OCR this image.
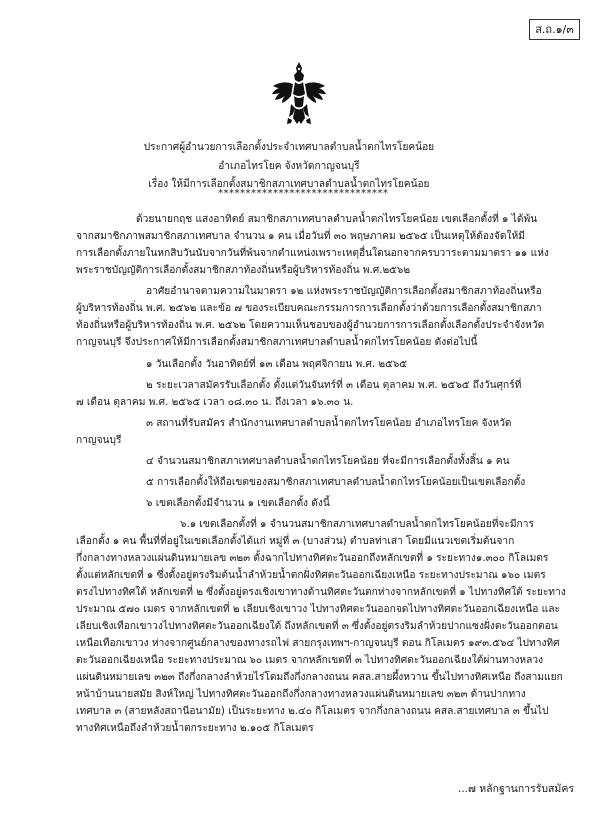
ส.ถ.๑/๓
ประกาศผู้อำนวยการเลือกตั้งประจำเทศบาลตำบลน้ำตกไทรโยคน้อย
อำเภอไทรโยค จังหวัดกาญจนบุรี
เรื่อง ให้มีการเลือกตั้งสมาชิกสภาเทศบาลตำบลน้ำตกไทรโยคน้อย
*******************************
ด้วยนายกฤช แสงอาทิตย์ สมาชิกสภาเทศบาลตำบลน้ำตกไทรโยคน้อย เขตเลือกตั้งที่ ๑ ได้พ้น
จากสมาชิกภาพสมาชิกสภาเทศบาล จำนวน ๑ คน เมื่อวันที่ ๓๐ พฤษภาคม ๒๕๖๕ เป็นเหตุให้ต้องจัดให้มี
การเลือกตั้งภายในหกสิบวันนับจากวันที่พ้นจากตำแหน่งเพราะเหตุอื่นใดนอกจากครบวาระตามมาตรา ๑๑ แห่ง
พระราชบัญญัติการเลือกตั้งสมาชิกสภาท้องถิ่นหรือผู้บริหารท้องถิ่น พ.ศ.๒๕๖๒
อาศัยอำนาจตามความในมาตรา ๑๒ แห่งพระราชบัญญัติการเลือกตั้งสมาชิกสภาท้องถิ่นหรือ
ผู้บริหารท้องถิ่น พ.ศ. ๒๕๖๒ และข้อ ๗ ของระเบียบคณะกรรมการการเลือกตั้งว่าด้วยการเลือกตั้งสมาชิกสภา
ท้องถิ่นหรือผู้บริหารท้องถิ่น พ.ศ. ๒๕๖๒ โดยความเห็นชอบของผู้อำนวยการการเลือกตั้งเลือกตั้งประจำจังหวัด
กาญจนบุรี จึงประกาศให้มีการเลือกตั้งสมาชิกสภาเทศบาลตำบลน้ำตกไทรโยคน้อย ดังต่อไปนี้
๑ วันเลือกตั้ง วันอาทิตย์ที่ ๑๓ เดือน พฤศจิกายน พ.ศ. ๒๕๖๕
๒ ระยะเวลาสมัครรับเลือกตั้ง ตั้งแต่วันจันทร์ที่ ๓ เดือน ตุลาคม พ.ศ. ๒๕๖๕ ถึงวันศุกร์ที่
๗ เดือน ตุลาคม พ.ศ. ๒๕๖๕ เวลา ๐๘.๓๐ น. ถึงเวลา ๑๖.๓๐ น.
๓ สถานที่รับสมัคร สำนักงานเทศบาลตำบลน้ำตกไทรโยคน้อย อำเภอไทรโยค จังหวัด
กาญจนบุรี
๔ จำนวนสมาชิกสภาเทศบาลตำบลน้ำตกไทรโยคน้อย ที่จะมีการเลือกตั้งทั้งสิ้น ๑ คน
๕ การเลือกตั้งให้ถือเขตของสมาชิกสภาเทศบาลตำบลน้ำตกไทรโยคน้อยเป็นเขตเลือกตั้ง
๖ เขตเลือกตั้งมีจำนวน ๑ เขตเลือกตั้ง ดังนี้
๖.๑ เขตเลือกตั้งที่ ๑ จำนวนสมาชิกสภาเทศบาลตำบลน้ำตกไทรโยคน้อยที่จะมีการ
เลือกตั้ง ๑ คน พื้นที่ที่อยู่ในเขตเลือกตั้งได้แก่ หมู่ที่ ๓ (บางส่วน) ตำบลท่าเสา โดยมีแนวเขตเริ่มต้นจาก
กึ่งกลางทางหลวงแผ่นดินหมายเลข ๓๒๓ ตั้งฉากไปทางทิศตะวันออกถึงหลักเขตที่ ๑ ระยะทาง๑.๓๐๐ กิโลเมตร
ตั้งแต่หลักเขตที่ ๑ ซึ่งตั้งอยู่ตรงริมต้นน้ำลำห้วยน้ำตกฝั่งทิศตะวันออกเฉียงเหนือ ระยะทางประมาณ ๑๖๐ เมตร
ตรงไปทางทิศใต้ หลักเขตที่ ๒ ซึ่งตั้งอยู่ตรงเชิงเขาทางด้านทิศตะวันตกห่างจากหลักเขตที่ ๑ ไปทางทิศใต้ ระยะทาง
ประมาณ ๕๗๐ เมตร จากหลักเขตที่ ๒ เลียบเชิงเขาวง ไปทางทิศตะวันออกจดไปทางทิศตะวันออกเฉียงเหนือ และ
เลียบเชิงเทือกเขาวงไปทางทิศตะวันออกเฉียงใต้ ถึงหลักเขตที่ ๓ ซึ่งตั้งอยู่ตรงริมลำห้วยปากแซงฝั่งตะวันออกตอน
เหนือเทือกเขาวง ห่างจากศูนย์กลางของทางรถไฟ สายกรุงเทพฯ-กาญจนบุรี ตอน กิโลเมตร ๑๙๓.๕๖๔ ไปทางทิศ
ตะวันออกเฉียงเหนือ ระยะทางประมาณ ๖๐ เมตร จากหลักเขตที่ ๓ ไปทางทิศตะวันออกเฉียงใต้ผ่านทางหลวง
แผ่นดินหมายเลข ๓๒๓ ถึงกึ่งกลางลำห้วยไร่โดมถึงกึ่งกลางถนน คสล.สายผึ้งหวาน ขึ้นไปทางทิศเหนือ ถึงสามแยก
หน้าบ้านนายสมัย สิงห์ใหญ่ ไปทางทิศตะวันออกถึงกึ่งกลางทางหลวงแผ่นดินหมายเลข ๓๒๓ ด้านปากทาง
เทศบาล ๓ (สายหลังสถานีอนามัย) เป็นระยะทาง ๒.๔๐ กิโลเมตร จากกึ่งกลางถนน คสล.สายเทศบาล ๓ ขึ้นไป
ทางทิศเหนือถึงลำห้วยน้ำตกระยะทาง ๒.๑๐๕ กิโลเมตร
...๗ หลักฐานการรับสมัคร
